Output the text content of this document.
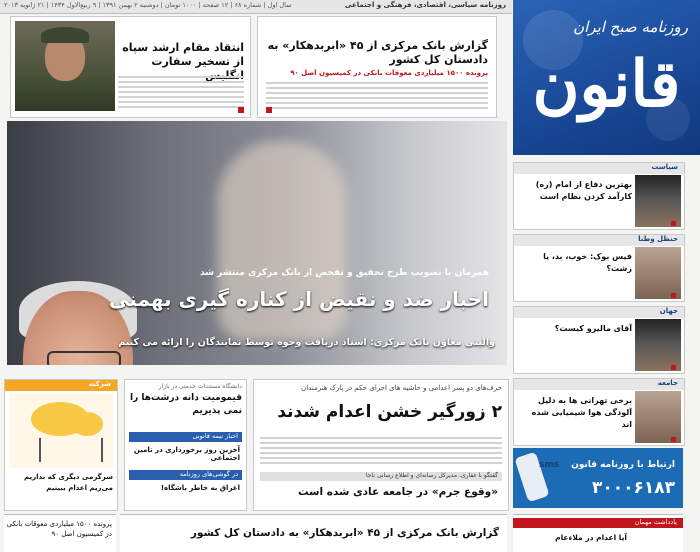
روزنامه سیاسی، اقتصادی، فرهنگی و اجتماعی
سال اول | شماره ۶۸ | ۱۲ صفحه | ۱۰۰۰ تومان | دوشنبه ۲ بهمن ۱۳۹۱ | ۹ ربیع‌الاول ۱۴۳۴ | ۲۱ ژانویه ۲۰۱۳
روزنامه صبح ایران
قانون
انتقاد مقام ارشد سپاه از تسخیر سفارت
گزارش بانک مرکزی از ۴۵ «ابربدهکار» به دادستان کل کشور
پرونده ۱۵۰۰ میلیاردی معوقات بانکی در کمیسیون اصل ۹۰
همزمان با تصویب طرح تحقیق و تفحص از بانک مرکزی منتشر شد
اخبار ضد و نقیض از کناره گیری بهمنی
والیتی معاون بانک مرکزی: اسناد دریافت وجوه توسط نمایندگان را ارائه می کنیم
سیاست
بهترین دفاع از امام (ره) کارآمد کردن نظام است
حنظل وطنا
فیس بوک: خوب، بد، یا زشت؟
جهان
آقای مالیرو کیست؟
جامعه
برخی تهرانی ها به دلیل آلودگی هوا شیمیایی شده اند
sms ارتباط با روزنامه قانون
۳۰۰۰۶۱۸۳
شرکته
سرگرمی دیگری که نداریم می‌ریم اعدام ببینیم
دانشگاه مستندات خدمتی در بازار
قیمومیت دانه درشت‌ها را نمی پذیریم
اخبار نیمه قانونی
آخرین روز برخورداری در تامین اجتماعی
در گوشی‌های روزنامه
اغراق به خاطر باشگاه!
حرف‌های دو پسر اعدامی و حاشیه های اجرای حکم در پارک هنرمندان
۲ زورگیر خشن اعدام شدند
گفتگو با غفاری، مدیرکل رسانه‌ای و اطلاع رسانی ناجا
«وقوع جرم» در جامعه عادی شده است
پرونده ۱۵۰۰ میلیاردی معوقات بانکی در کمیسیون اصل ۹۰	گزارش بانک مرکزی از ۴۵ «ابربدهکار» به دادستان کل کشور
یادداشت مهمان
آیا اعدام در ملاءعام
